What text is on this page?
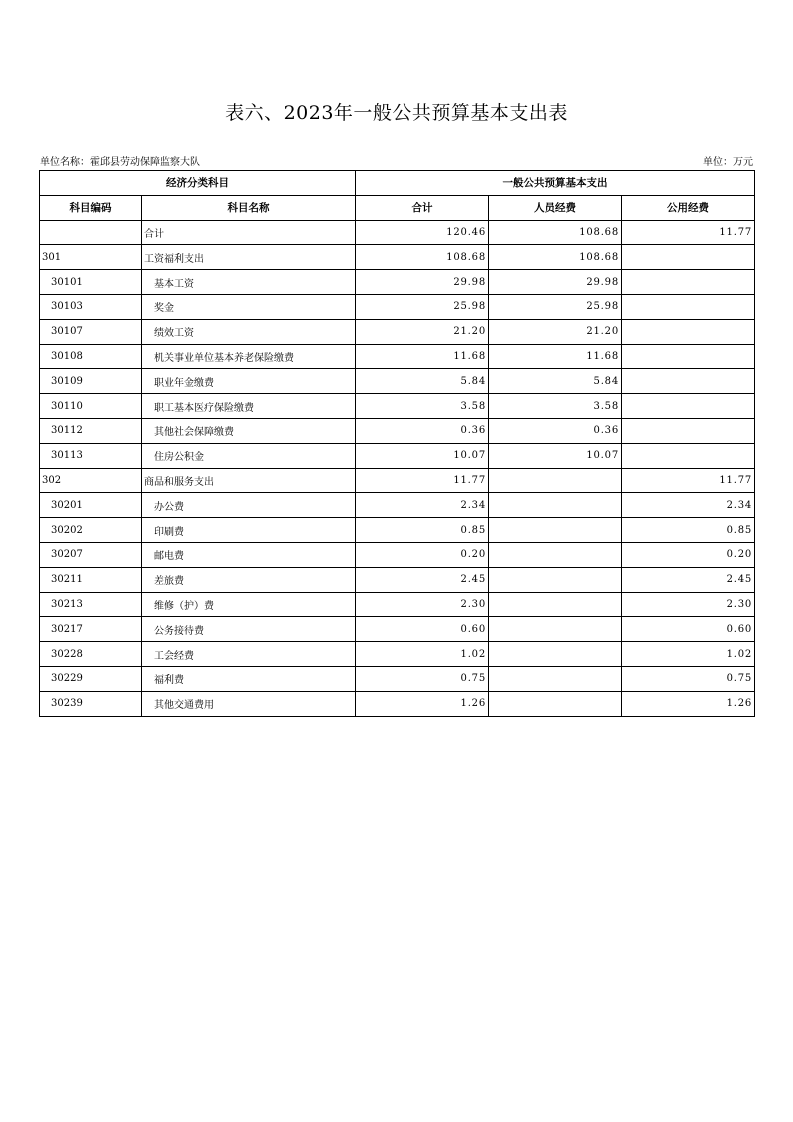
表六、2023年一般公共预算基本支出表
单位名称：霍邱县劳动保障监察大队	单位：万元
经济分类科目		一般公共预算基本支出		
科目编码	科目名称	合计	人员经费	公用经费
	合计	120.46	108.68	11.77
301	工资福利支出	108.68	108.68	
30101	基本工资	29.98	29.98	
30103	奖金	25.98	25.98	
30107	绩效工资	21.20	21.20	
30108	机关事业单位基本养老保险缴费	11.68	11.68	
30109	职业年金缴费	5.84	5.84	
30110	职工基本医疗保险缴费	3.58	3.58	
30112	其他社会保障缴费	0.36	0.36	
30113	住房公积金	10.07	10.07	
302	商品和服务支出	11.77		11.77
30201	办公费	2.34		2.34
30202	印刷费	0.85		0.85
30207	邮电费	0.20		0.20
30211	差旅费	2.45		2.45
30213	维修（护）费	2.30		2.30
30217	公务接待费	0.60		0.60
30228	工会经费	1.02		1.02
30229	福利费	0.75		0.75
30239	其他交通费用	1.26		1.26
